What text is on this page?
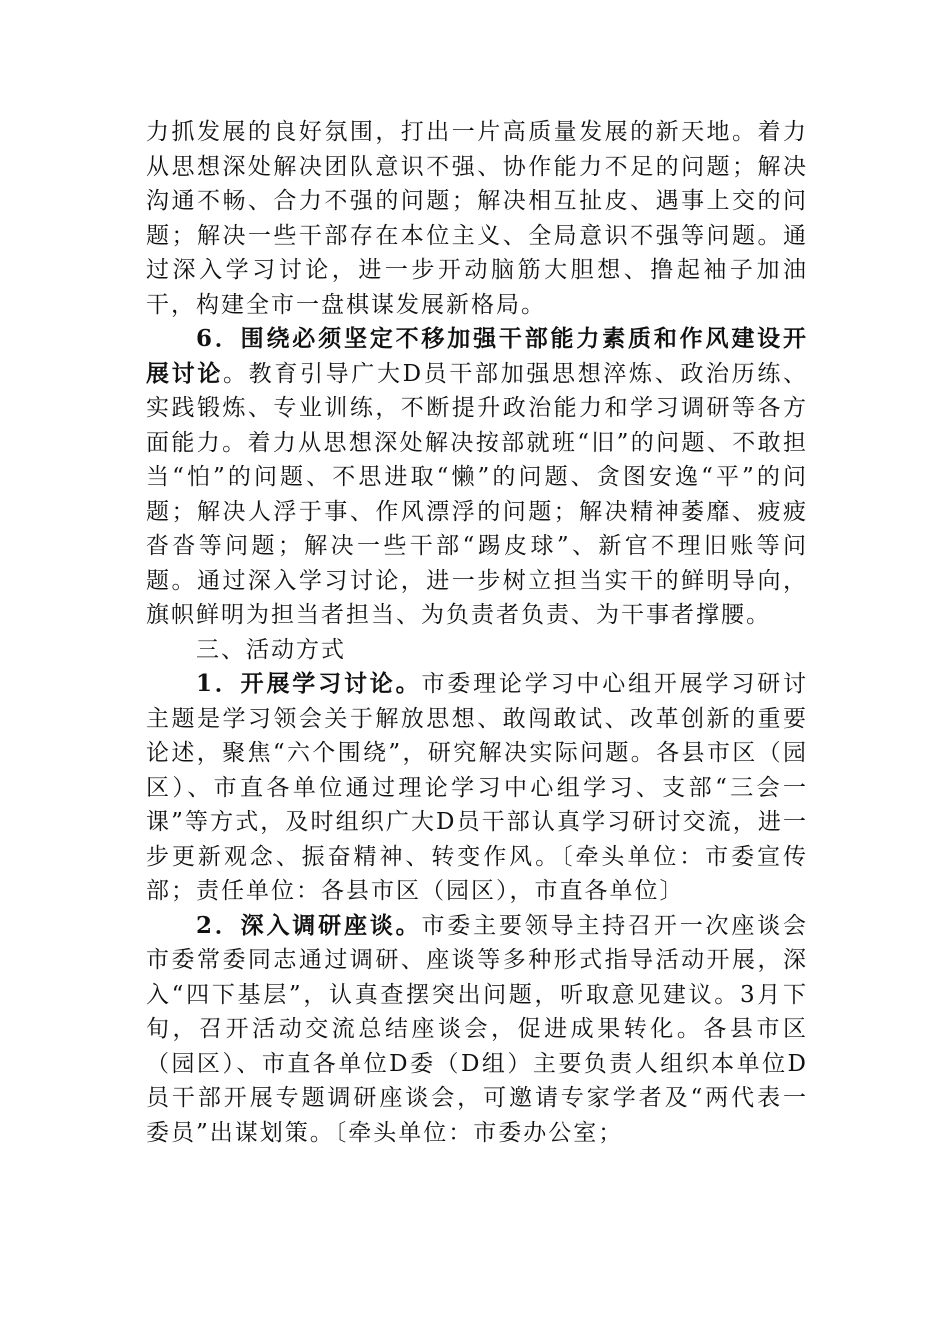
力抓发展的良好氛围，打出一片高质量发展的新天地。着力从思想深处解决团队意识不强、协作能力不足的问题；解决沟通不畅、合力不强的问题；解决相互扯皮、遇事上交的问题；解决一些干部存在本位主义、全局意识不强等问题。通过深入学习讨论，进一步开动脑筋大胆想、撸起袖子加油干，构建全市一盘棋谋发展新格局。

6．围绕必须坚定不移加强干部能力素质和作风建设开展讨论。教育引导广大D员干部加强思想淬炼、政治历练、实践锻炼、专业训练，不断提升政治能力和学习调研等各方面能力。着力从思想深处解决按部就班“旧”的问题、不敢担当“怕”的问题、不思进取“懒”的问题、贪图安逸“平”的问题；解决人浮于事、作风漂浮的问题；解决精神萎靡、疲疲沓沓等问题；解决一些干部“踢皮球”、新官不理旧账等问题。通过深入学习讨论，进一步树立担当实干的鲜明导向，旗帜鲜明为担当者担当、为负责者负责、为干事者撑腰。

三、活动方式

1．开展学习讨论。市委理论学习中心组开展学习研讨主题是学习领会关于解放思想、敢闯敢试、改革创新的重要论述，聚焦“六个围绕”，研究解决实际问题。各县市区（园区）、市直各单位通过理论学习中心组学习、支部“三会一课”等方式，及时组织广大D员干部认真学习研讨交流，进一步更新观念、振奋精神、转变作风。〔牵头单位：市委宣传部；责任单位：各县市区（园区），市直各单位〕

2．深入调研座谈。市委主要领导主持召开一次座谈会市委常委同志通过调研、座谈等多种形式指导活动开展，深入“四下基层”，认真查摆突出问题，听取意见建议。3月下旬，召开活动交流总结座谈会，促进成果转化。各县市区（园区）、市直各单位D委（D组）主要负责人组织本单位D员干部开展专题调研座谈会，可邀请专家学者及“两代表一委员”出谋划策。〔牵头单位：市委办公室；
